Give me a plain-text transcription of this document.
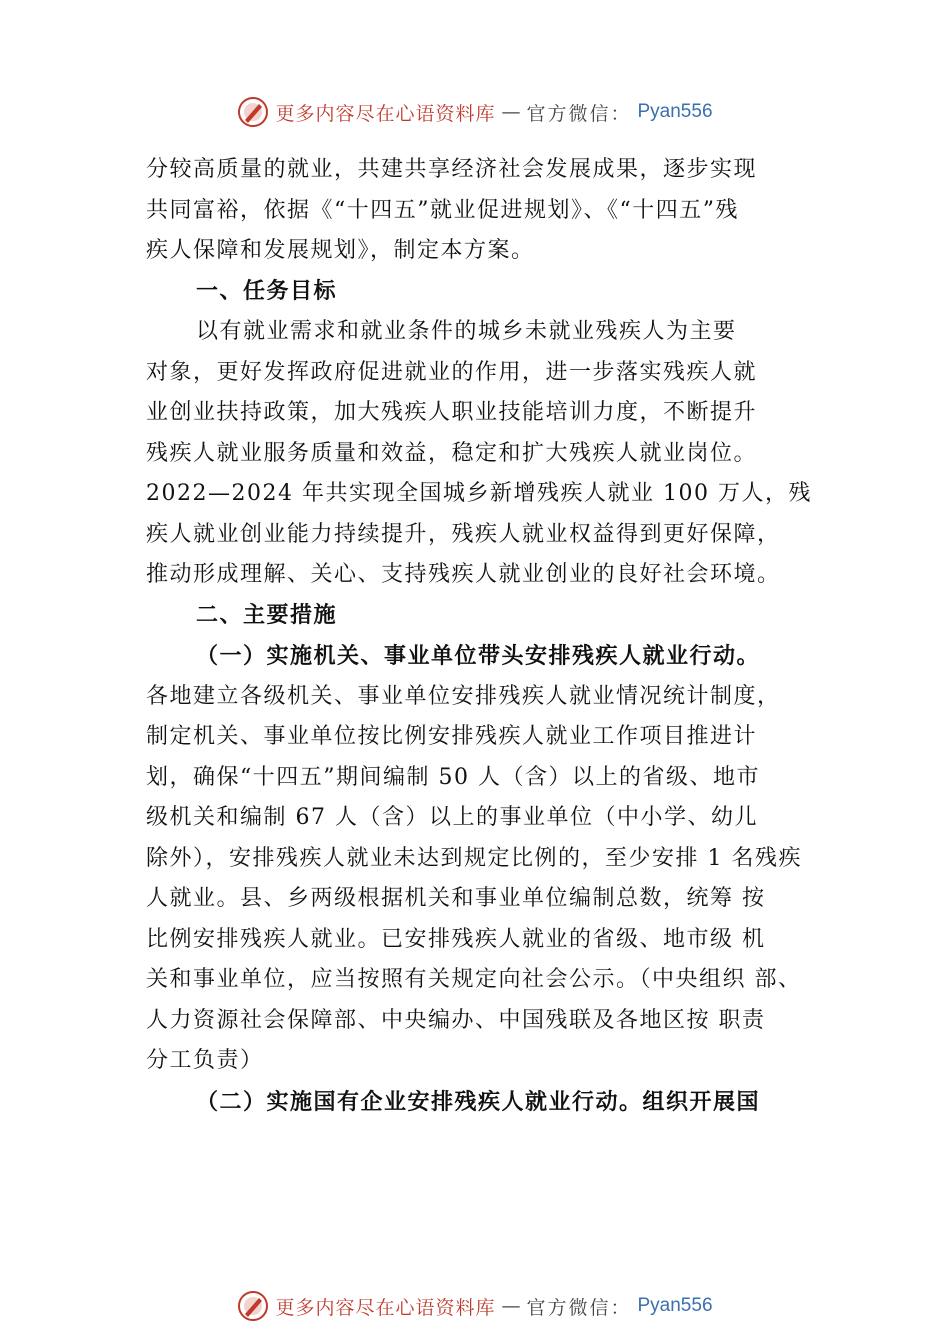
更多内容尽在心语资料库 — 官方微信： Pyan556
分较高质量的就业，共建共享经济社会发展成果，逐步实现
共同富裕，依据《“十四五”就业促进规划》、《“十四五”残
疾人保障和发展规划》，制定本方案。
一、任务目标
以有就业需求和就业条件的城乡未就业残疾人为主要
对象，更好发挥政府促进就业的作用，进一步落实残疾人就
业创业扶持政策，加大残疾人职业技能培训力度，不断提升
残疾人就业服务质量和效益，稳定和扩大残疾人就业岗位。
2022—2024 年共实现全国城乡新增残疾人就业 100 万人，残
疾人就业创业能力持续提升，残疾人就业权益得到更好保障，
推动形成理解、关心、支持残疾人就业创业的良好社会环境。
二、主要措施
（一）实施机关、事业单位带头安排残疾人就业行动。
各地建立各级机关、事业单位安排残疾人就业情况统计制度，
制定机关、事业单位按比例安排残疾人就业工作项目推进计
划，确保“十四五”期间编制 50 人（含）以上的省级、地市
级机关和编制 67 人（含）以上的事业单位（中小学、幼儿
除外），安排残疾人就业未达到规定比例的，至少安排 1 名残疾
人就业。县、乡两级根据机关和事业单位编制总数，统筹 按
比例安排残疾人就业。已安排残疾人就业的省级、地市级 机
关和事业单位，应当按照有关规定向社会公示。（中央组织 部、
人力资源社会保障部、中央编办、中国残联及各地区按 职责
分工负责）
（二）实施国有企业安排残疾人就业行动。组织开展国
更多内容尽在心语资料库 — 官方微信： Pyan556
